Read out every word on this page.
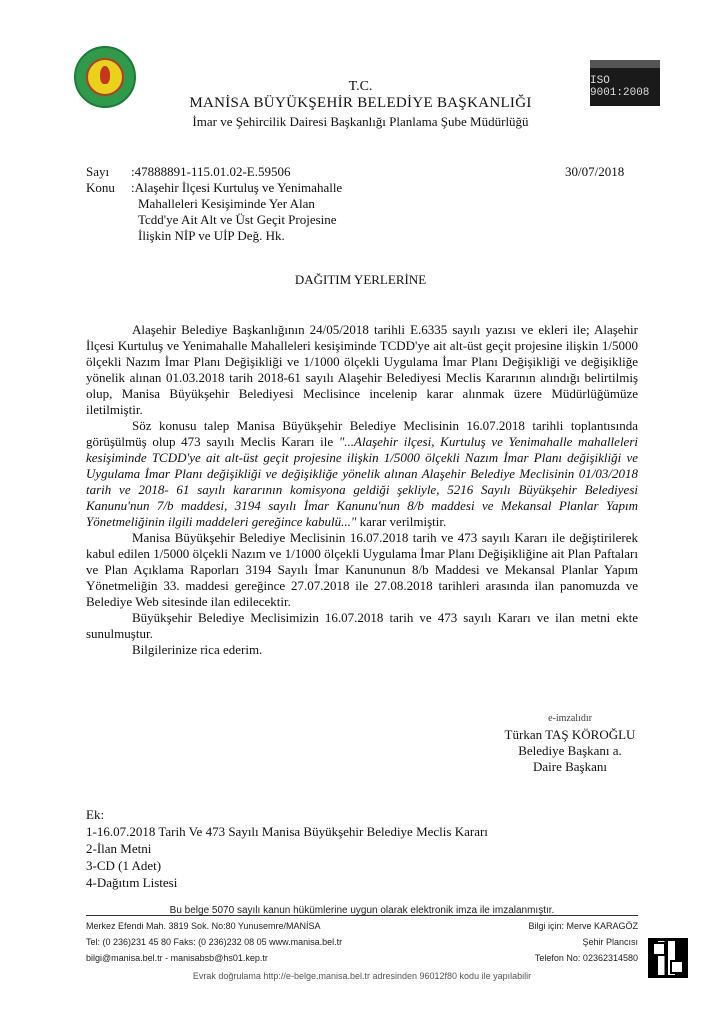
ISO 9001:2008
T.C.
MANİSA BÜYÜKŞEHİR BELEDİYE BAŞKANLIĞI
İmar ve Şehircilik Dairesi Başkanlığı Planlama Şube Müdürlüğü
Sayı :47888891-115.01.02-E.59506	30/07/2018
Konu :Alaşehir İlçesi Kurtuluş ve Yenimahalle
Mahalleleri Kesişiminde Yer Alan
Tcdd'ye Ait Alt ve Üst Geçit Projesine
İlişkin NİP ve UİP Değ. Hk.
DAĞITIM YERLERİNE

Alaşehir Belediye Başkanlığının 24/05/2018 tarihli E.6335 sayılı yazısı ve ekleri ile; Alaşehir İlçesi Kurtuluş ve Yenimahalle Mahalleleri kesişiminde TCDD'ye ait alt-üst geçit projesine ilişkin 1/5000 ölçekli Nazım İmar Planı Değişikliği ve 1/1000 ölçekli Uygulama İmar Planı Değişikliği ve değişikliğe yönelik alınan 01.03.2018 tarih 2018-61 sayılı Alaşehir Belediyesi Meclis Kararının alındığı belirtilmiş olup, Manisa Büyükşehir Belediyesi Meclisince incelenip karar alınmak üzere Müdürlüğümüze iletilmiştir.

Söz konusu talep Manisa Büyükşehir Belediye Meclisinin 16.07.2018 tarihli toplantısında görüşülmüş olup 473 sayılı Meclis Kararı ile "...Alaşehir ilçesi, Kurtuluş ve Yenimahalle mahalleleri kesişiminde TCDD'ye ait alt-üst geçit projesine ilişkin 1/5000 ölçekli Nazım İmar Planı değişikliği ve Uygulama İmar Planı değişikliği ve değişikliğe yönelik alınan Alaşehir Belediye Meclisinin 01/03/2018 tarih ve 2018- 61 sayılı kararının komisyona geldiği şekliyle, 5216 Sayılı Büyükşehir Belediyesi Kanunu'nun 7/b maddesi, 3194 sayılı İmar Kanunu'nun 8/b maddesi ve Mekansal Planlar Yapım Yönetmeliğinin ilgili maddeleri gereğince kabulü..." karar verilmiştir.

Manisa Büyükşehir Belediye Meclisinin 16.07.2018 tarih ve 473 sayılı Kararı ile değiştirilerek kabul edilen 1/5000 ölçekli Nazım ve 1/1000 ölçekli Uygulama İmar Planı Değişikliğine ait Plan Paftaları ve Plan Açıklama Raporları 3194 Sayılı İmar Kanununun 8/b Maddesi ve Mekansal Planlar Yapım Yönetmeliğin 33. maddesi gereğince 27.07.2018 ile 27.08.2018 tarihleri arasında ilan panomuzda ve Belediye Web sitesinde ilan edilecektir.

Büyükşehir Belediye Meclisimizin 16.07.2018 tarih ve 473 sayılı Kararı ve ilan metni ekte sunulmuştur.

Bilgilerinize rica ederim.

e-imzalıdır
Türkan TAŞ KÖROĞLU
Belediye Başkanı a.
Daire Başkanı
Ek:
1-16.07.2018 Tarih Ve 473 Sayılı Manisa Büyükşehir Belediye Meclis Kararı
2-İlan Metni
3-CD (1 Adet)
4-Dağıtım Listesi
Bu belge 5070 sayılı kanun hükümlerine uygun olarak elektronik imza ile imzalanmıştır.
Merkez Efendi Mah. 3819 Sok. No:80 Yunusemre/MANİSA
Tel: (0 236)231 45 80 Faks: (0 236)232 08 05 www.manisa.bel.tr
bilgi@manisa.bel.tr - manisabsb@hs01.kep.tr
Bilgi için: Merve KARAGÖZ
Şehir Plancısı
Telefon No: 02362314580
Evrak doğrulama http://e-belge.manisa.bel.tr adresinden 96012f80 kodu ile yapılabilir
